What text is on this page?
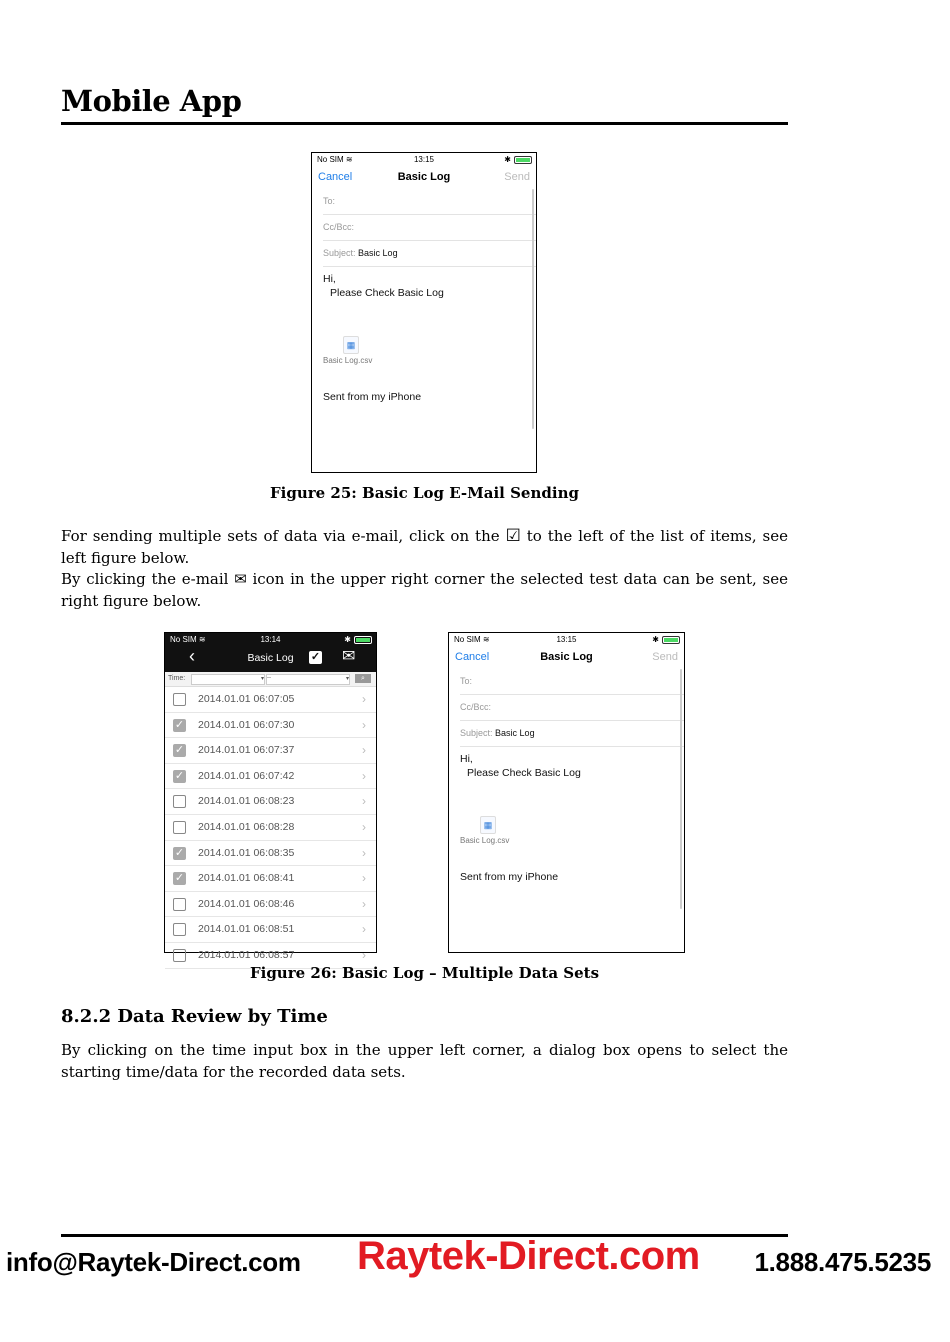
Mobile App
No SIM ≋	13:15	✱
Cancel	Basic Log	Send
To:
Cc/Bcc:
Subject: Basic Log
Hi,
Please Check Basic Log
▦
Basic Log.csv
Sent from my iPhone
Figure 25: Basic Log E-Mail Sending
For sending multiple sets of data via e-mail, click on the ☑ to the left of the list of items, see left figure below.
By clicking the e-mail ✉ icon in the upper right corner the selected test data can be sent, see right figure below.
No SIM ≋	13:14	✱
‹	Basic Log	✓ ✉
Time:	▾ --	▾	⌕
2014.01.01 06:07:05	›
✓ 2014.01.01 06:07:30	›
✓ 2014.01.01 06:07:37	›
✓ 2014.01.01 06:07:42	›
2014.01.01 06:08:23	›
2014.01.01 06:08:28	›
✓ 2014.01.01 06:08:35	›
✓ 2014.01.01 06:08:41	›
2014.01.01 06:08:46	›
2014.01.01 06:08:51	›
2014.01.01 06:08:57	›
No SIM ≋	13:15	✱
Cancel	Basic Log	Send
To:
Cc/Bcc:
Subject: Basic Log
Hi,
Please Check Basic Log
▦
Basic Log.csv
Sent from my iPhone
Figure 26: Basic Log – Multiple Data Sets
8.2.2 Data Review by Time
By clicking on the time input box in the upper left corner, a dialog box opens to select the starting time/data for the recorded data sets.
info@Raytek-Direct.com Raytek-Direct.com 1.888.475.5235
